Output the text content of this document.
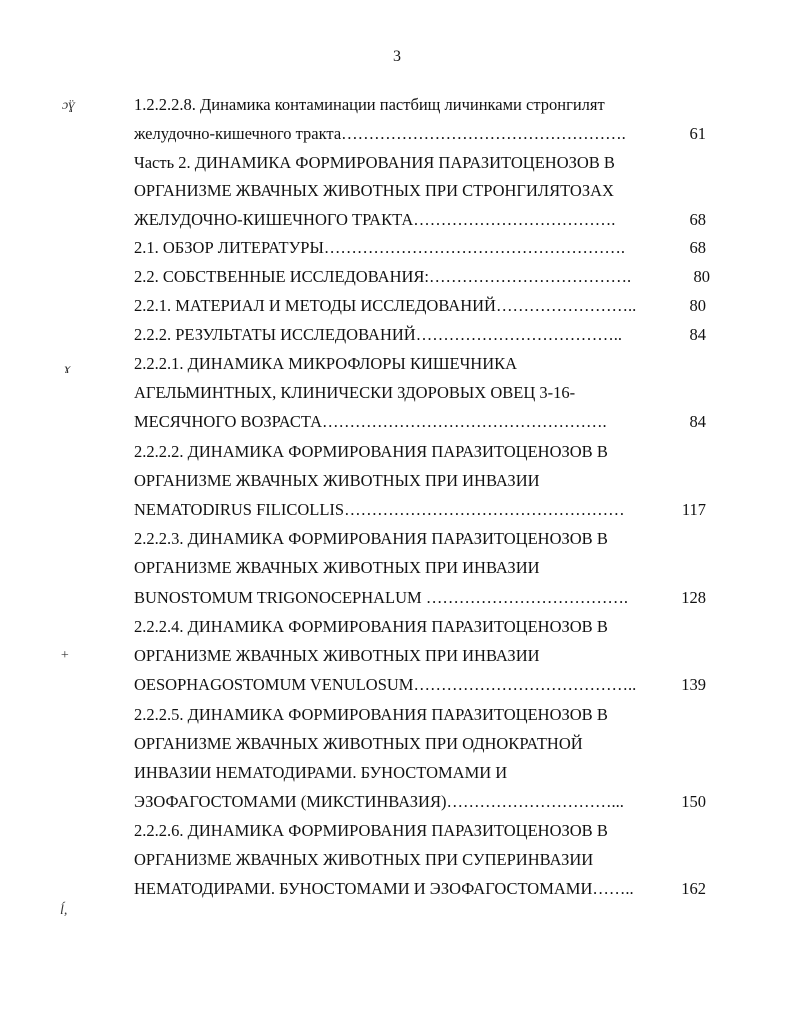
3
1.2.2.2.8. Динамика контаминации пастбищ личинками стронгилят
желудочно-кишечного тракта…………………………………………….
Часть 2. ДИНАМИКА ФОРМИРОВАНИЯ ПАРАЗИТОЦЕНОЗОВ В
ОРГАНИЗМЕ ЖВАЧНЫХ ЖИВОТНЫХ ПРИ СТРОНГИЛЯТОЗАХ
ЖЕЛУДОЧНО-КИШЕЧНОГО ТРАКТА……………………………….
2.1. ОБЗОР ЛИТЕРАТУРЫ……………………………………………….
2.2. СОБСТВЕННЫЕ ИССЛЕДОВАНИЯ:……………………………….
2.2.1. МАТЕРИАЛ И МЕТОДЫ ИССЛЕДОВАНИЙ……………………..
2.2.2. РЕЗУЛЬТАТЫ ИССЛЕДОВАНИЙ………………………………..
2.2.2.1. ДИНАМИКА МИКРОФЛОРЫ КИШЕЧНИКА
АГЕЛЬМИНТНЫХ, КЛИНИЧЕСКИ ЗДОРОВЫХ ОВЕЦ 3-16-
МЕСЯЧНОГО ВОЗРАСТА…………………………………………….
2.2.2.2. ДИНАМИКА ФОРМИРОВАНИЯ ПАРАЗИТОЦЕНОЗОВ В
ОРГАНИЗМЕ ЖВАЧНЫХ ЖИВОТНЫХ ПРИ ИНВАЗИИ
NEMATODIRUS FILICOLLIS……………………………………………
2.2.2.3. ДИНАМИКА ФОРМИРОВАНИЯ ПАРАЗИТОЦЕНОЗОВ В
ОРГАНИЗМЕ ЖВАЧНЫХ ЖИВОТНЫХ ПРИ ИНВАЗИИ
BUNOSTOMUM TRIGONOCEPHALUM ……………………………….
2.2.2.4. ДИНАМИКА ФОРМИРОВАНИЯ ПАРАЗИТОЦЕНОЗОВ В
ОРГАНИЗМЕ ЖВАЧНЫХ ЖИВОТНЫХ ПРИ ИНВАЗИИ
OESOPHAGOSTOMUM VENULOSUM…………………………………..
2.2.2.5. ДИНАМИКА ФОРМИРОВАНИЯ ПАРАЗИТОЦЕНОЗОВ В
ОРГАНИЗМЕ ЖВАЧНЫХ ЖИВОТНЫХ ПРИ ОДНОКРАТНОЙ
ИНВАЗИИ НЕМАТОДИРАМИ. БУНОСТОМАМИ И
ЭЗОФАГОСТОМАМИ (МИКСТИНВАЗИЯ)…………………………...
2.2.2.6. ДИНАМИКА ФОРМИРОВАНИЯ ПАРАЗИТОЦЕНОЗОВ В
ОРГАНИЗМЕ ЖВАЧНЫХ ЖИВОТНЫХ ПРИ СУПЕРИНВАЗИИ
НЕМАТОДИРАМИ. БУНОСТОМАМИ И ЭЗОФАГОСТОМАМИ……..
61
68
68
80
80
84
84
117
128
139
150
162
ɔ̈ɣ
ɤ
+
ĺ,
